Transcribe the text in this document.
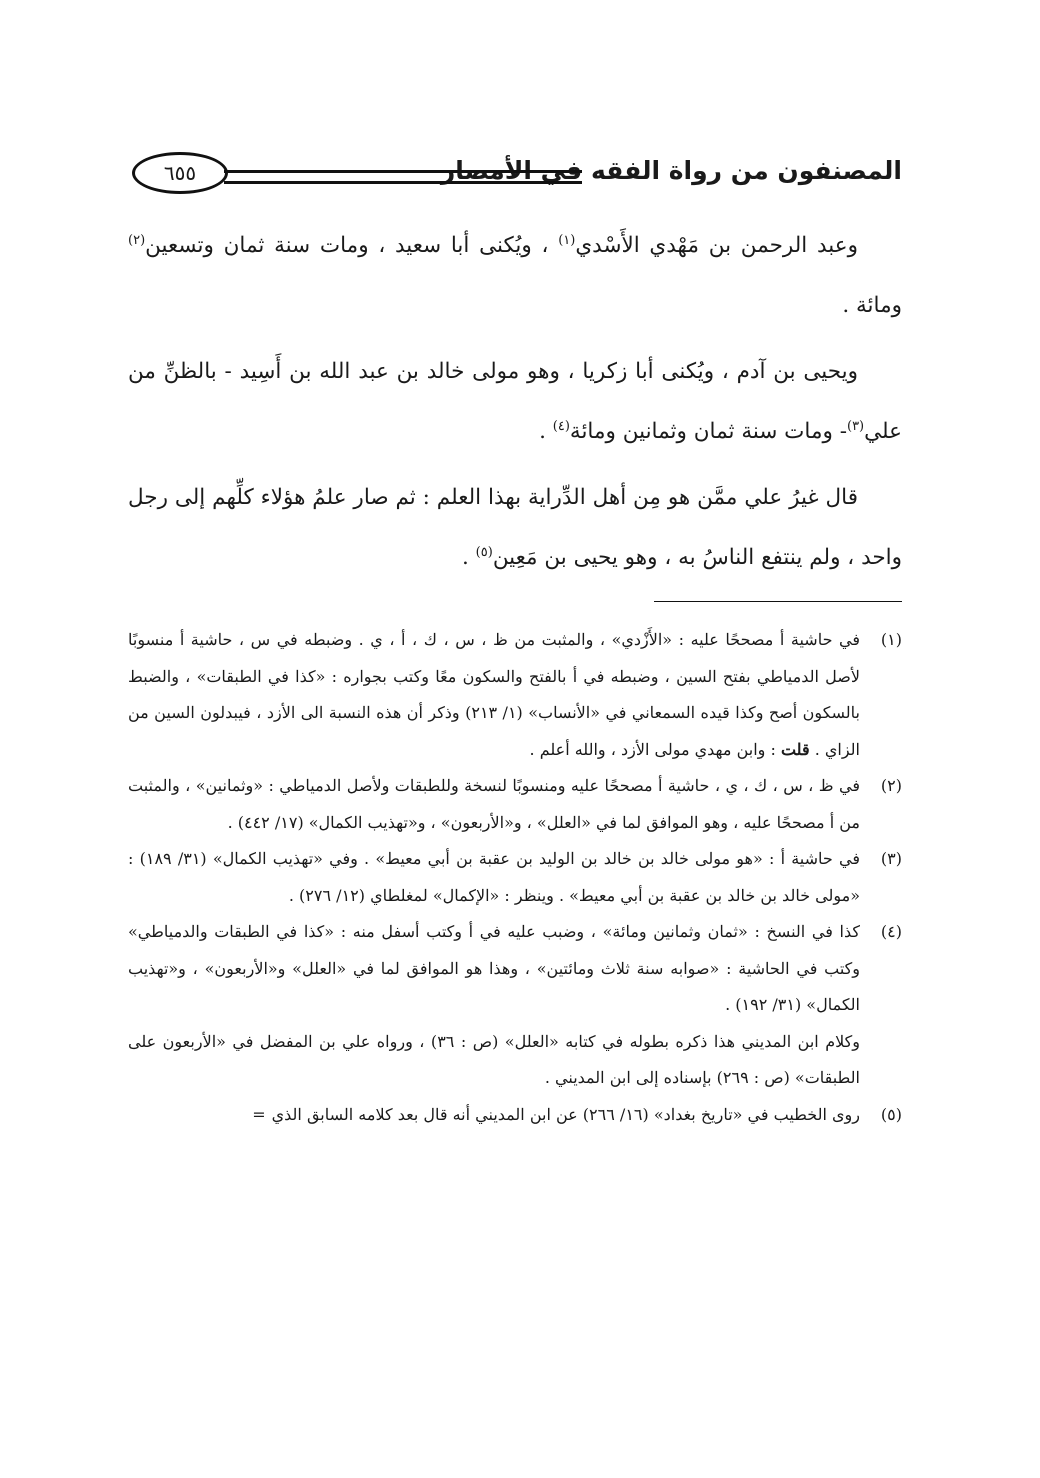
المصنفون من رواة الفقه في الأمصار
٦٥٥

وعبد الرحمن بن مَهْدي الأَسْدي$^{(١)}$ ، ويُكنى أبا سعيد ، ومات سنة ثمان وتسعين$^{(٢)}$ ومائة .

ويحيى بن آدم ، ويُكنى أبا زكريا ، وهو مولى خالد بن عبد الله بن أَسِيد - بالظنِّ من علي$^{(٣)}$- ومات سنة ثمان وثمانين ومائة$^{(٤)}$ .

قال غيرُ علي ممَّن هو مِن أهل الدِّراية بهذا العلم : ثم صار علمُ هؤلاء كلِّهم إلى رجل واحد ، ولم ينتفع الناسُ به ، وهو يحيى بن مَعِين$^{(٥)}$ .

(١)
في حاشية أ مصححًا عليه : «الأَزْدي» ، والمثبت من ظ ، س ، ك ، أ ، ي . وضبطه في س ، حاشية أ منسوبًا لأصل الدمياطي بفتح السين ، وضبطه في أ بالفتح والسكون معًا وكتب بجواره : «كذا في الطبقات» ، والضبط بالسكون أصح وكذا قيده السمعاني في «الأنساب» (١/ ٢١٣) وذكر أن هذه النسبة الى الأزد ، فيبدلون السين من الزاي . قلت : وابن مهدي مولى الأزد ، والله أعلم .

(٢)
في ظ ، س ، ك ، ي ، حاشية أ مصححًا عليه ومنسوبًا لنسخة وللطبقات ولأصل الدمياطي : «وثمانين» ، والمثبت من أ مصححًا عليه ، وهو الموافق لما في «العلل» ، و«الأربعون» ، و«تهذيب الكمال» (١٧/ ٤٤٢) .

(٣)
في حاشية أ : «هو مولى خالد بن خالد بن الوليد بن عقبة بن أبي معيط» . وفي «تهذيب الكمال» (٣١/ ١٨٩) : «مولى خالد بن خالد بن عقبة بن أبي معيط» . وينظر : «الإكمال» لمغلطاي (١٢/ ٢٧٦) .

(٤)
كذا في النسخ : «ثمان وثمانين ومائة» ، وضبب عليه في أ وكتب أسفل منه : «كذا في الطبقات والدمياطي» وكتب في الحاشية : «صوابه سنة ثلاث ومائتين» ، وهذا هو الموافق لما في «العلل» و«الأربعون» ، و«تهذيب الكمال» (٣١/ ١٩٢) .

وكلام ابن المديني هذا ذكره بطوله في كتابه «العلل» (ص : ٣٦) ، ورواه علي بن المفضل في «الأربعون على الطبقات» (ص : ٢٦٩) بإسناده إلى ابن المديني .

(٥)
روى الخطيب في «تاريخ بغداد» (١٦/ ٢٦٦) عن ابن المديني أنه قال بعد كلامه السابق الذي=
